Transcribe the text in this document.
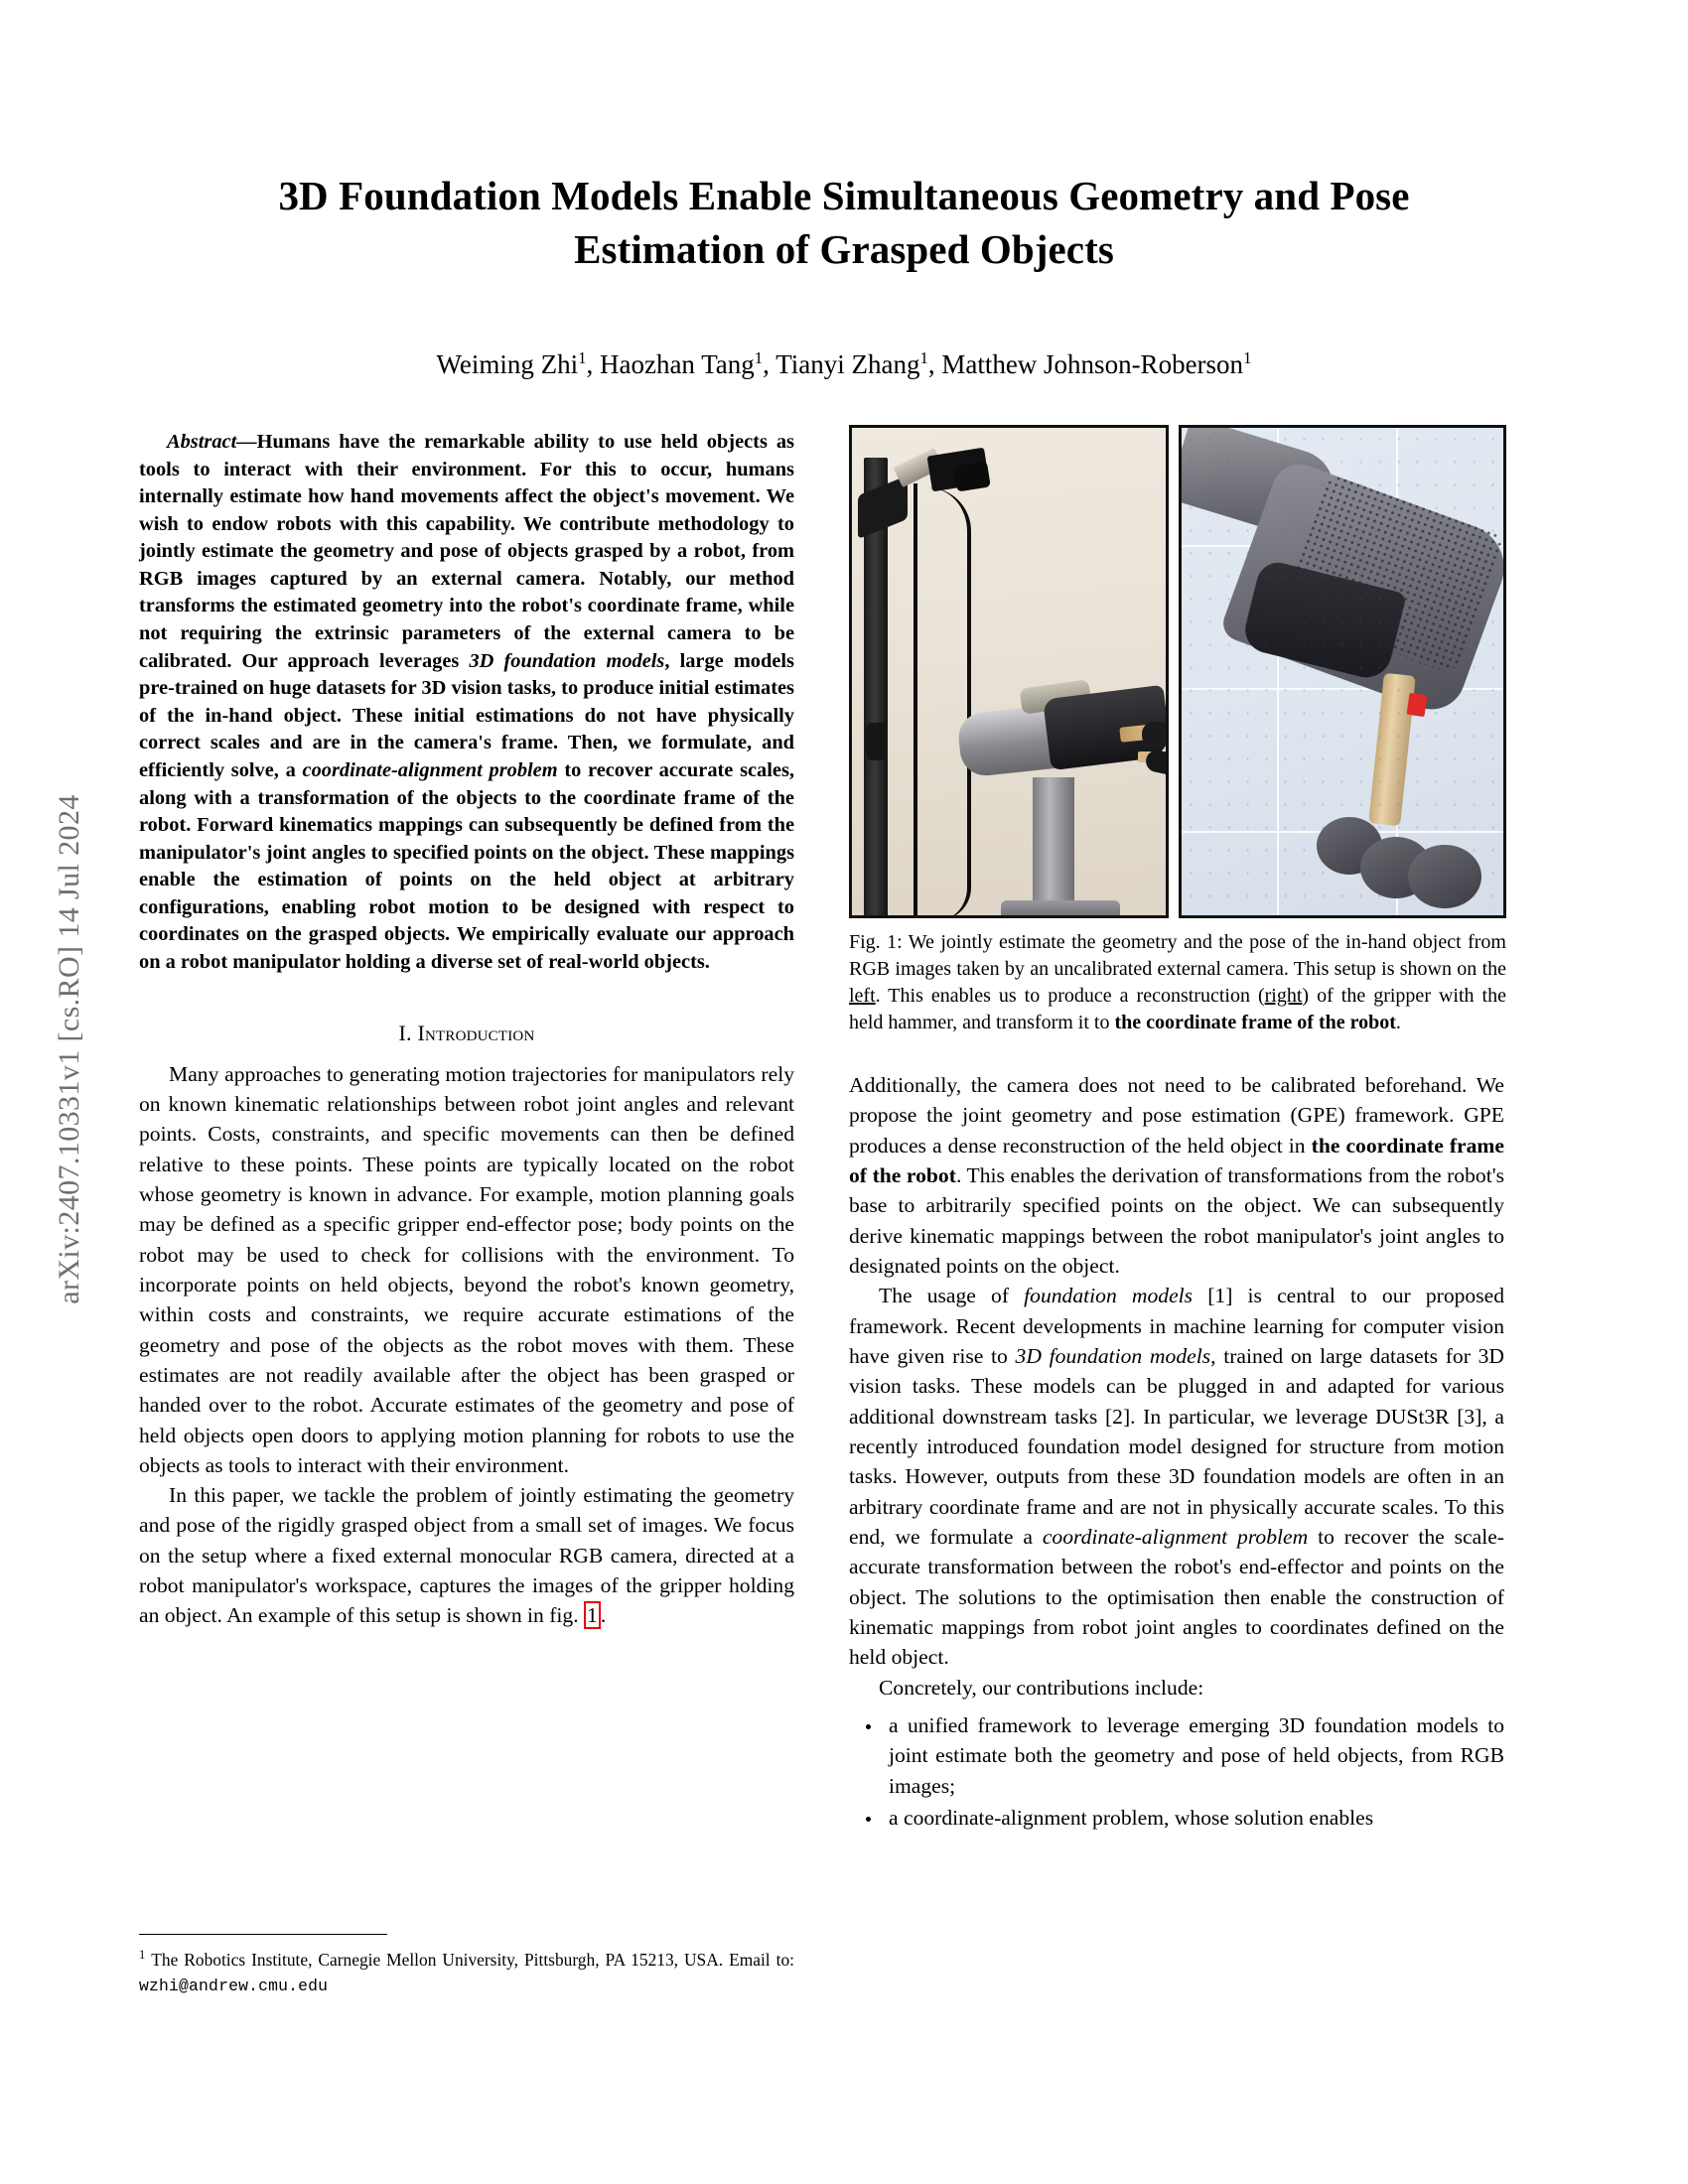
arXiv:2407.10331v1 [cs.RO] 14 Jul 2024
3D Foundation Models Enable Simultaneous Geometry and Pose
Estimation of Grasped Objects
Weiming Zhi$^1$, Haozhan Tang$^1$, Tianyi Zhang$^1$, Matthew Johnson-Roberson$^1$

Abstract—Humans have the remarkable ability to use held objects as tools to interact with their environment. For this to occur, humans internally estimate how hand movements affect the object's movement. We wish to endow robots with this capability. We contribute methodology to jointly estimate the geometry and pose of objects grasped by a robot, from RGB images captured by an external camera. Notably, our method transforms the estimated geometry into the robot's coordinate frame, while not requiring the extrinsic parameters of the external camera to be calibrated. Our approach leverages 3D foundation models, large models pre-trained on huge datasets for 3D vision tasks, to produce initial estimates of the in-hand object. These initial estimations do not have physically correct scales and are in the camera's frame. Then, we formulate, and efficiently solve, a coordinate-alignment problem to recover accurate scales, along with a transformation of the objects to the coordinate frame of the robot. Forward kinematics mappings can subsequently be defined from the manipulator's joint angles to specified points on the object. These mappings enable the estimation of points on the held object at arbitrary configurations, enabling robot motion to be designed with respect to coordinates on the grasped objects. We empirically evaluate our approach on a robot manipulator holding a diverse set of real-world objects.

I. Introduction

Many approaches to generating motion trajectories for manipulators rely on known kinematic relationships between robot joint angles and relevant points. Costs, constraints, and specific movements can then be defined relative to these points. These points are typically located on the robot whose geometry is known in advance. For example, motion planning goals may be defined as a specific gripper end-effector pose; body points on the robot may be used to check for collisions with the environment. To incorporate points on held objects, beyond the robot's known geometry, within costs and constraints, we require accurate estimations of the geometry and pose of the objects as the robot moves with them. These estimates are not readily available after the object has been grasped or handed over to the robot. Accurate estimates of the geometry and pose of held objects open doors to applying motion planning for robots to use the objects as tools to interact with their environment.

In this paper, we tackle the problem of jointly estimating the geometry and pose of the rigidly grasped object from a small set of images. We focus on the setup where a fixed external monocular RGB camera, directed at a robot manipulator's workspace, captures the images of the gripper holding an object. An example of this setup is shown in fig. 1 .

$^1$ The Robotics Institute, Carnegie Mellon University, Pittsburgh, PA 15213, USA. Email to: wzhi@andrew.cmu.edu
Fig. 1: We jointly estimate the geometry and the pose of the in-hand object from RGB images taken by an uncalibrated external camera. This setup is shown on the left. This enables us to produce a reconstruction (right) of the gripper with the held hammer, and transform it to the coordinate frame of the robot.

Additionally, the camera does not need to be calibrated beforehand. We propose the joint geometry and pose estimation (GPE) framework. GPE produces a dense reconstruction of the held object in the coordinate frame of the robot. This enables the derivation of transformations from the robot's base to arbitrarily specified points on the object. We can subsequently derive kinematic mappings between the robot manipulator's joint angles to designated points on the object.

The usage of foundation models [1] is central to our proposed framework. Recent developments in machine learning for computer vision have given rise to 3D foundation models, trained on large datasets for 3D vision tasks. These models can be plugged in and adapted for various additional downstream tasks [2]. In particular, we leverage DUSt3R [3], a recently introduced foundation model designed for structure from motion tasks. However, outputs from these 3D foundation models are often in an arbitrary coordinate frame and are not in physically accurate scales. To this end, we formulate a coordinate-alignment problem to recover the scale-accurate transformation between the robot's end-effector and points on the object. The solutions to the optimisation then enable the construction of kinematic mappings from robot joint angles to coordinates defined on the held object.

Concretely, our contributions include:

• a unified framework to leverage emerging 3D foundation models to joint estimate both the geometry and pose of held objects, from RGB images;
• a coordinate-alignment problem, whose solution enables
